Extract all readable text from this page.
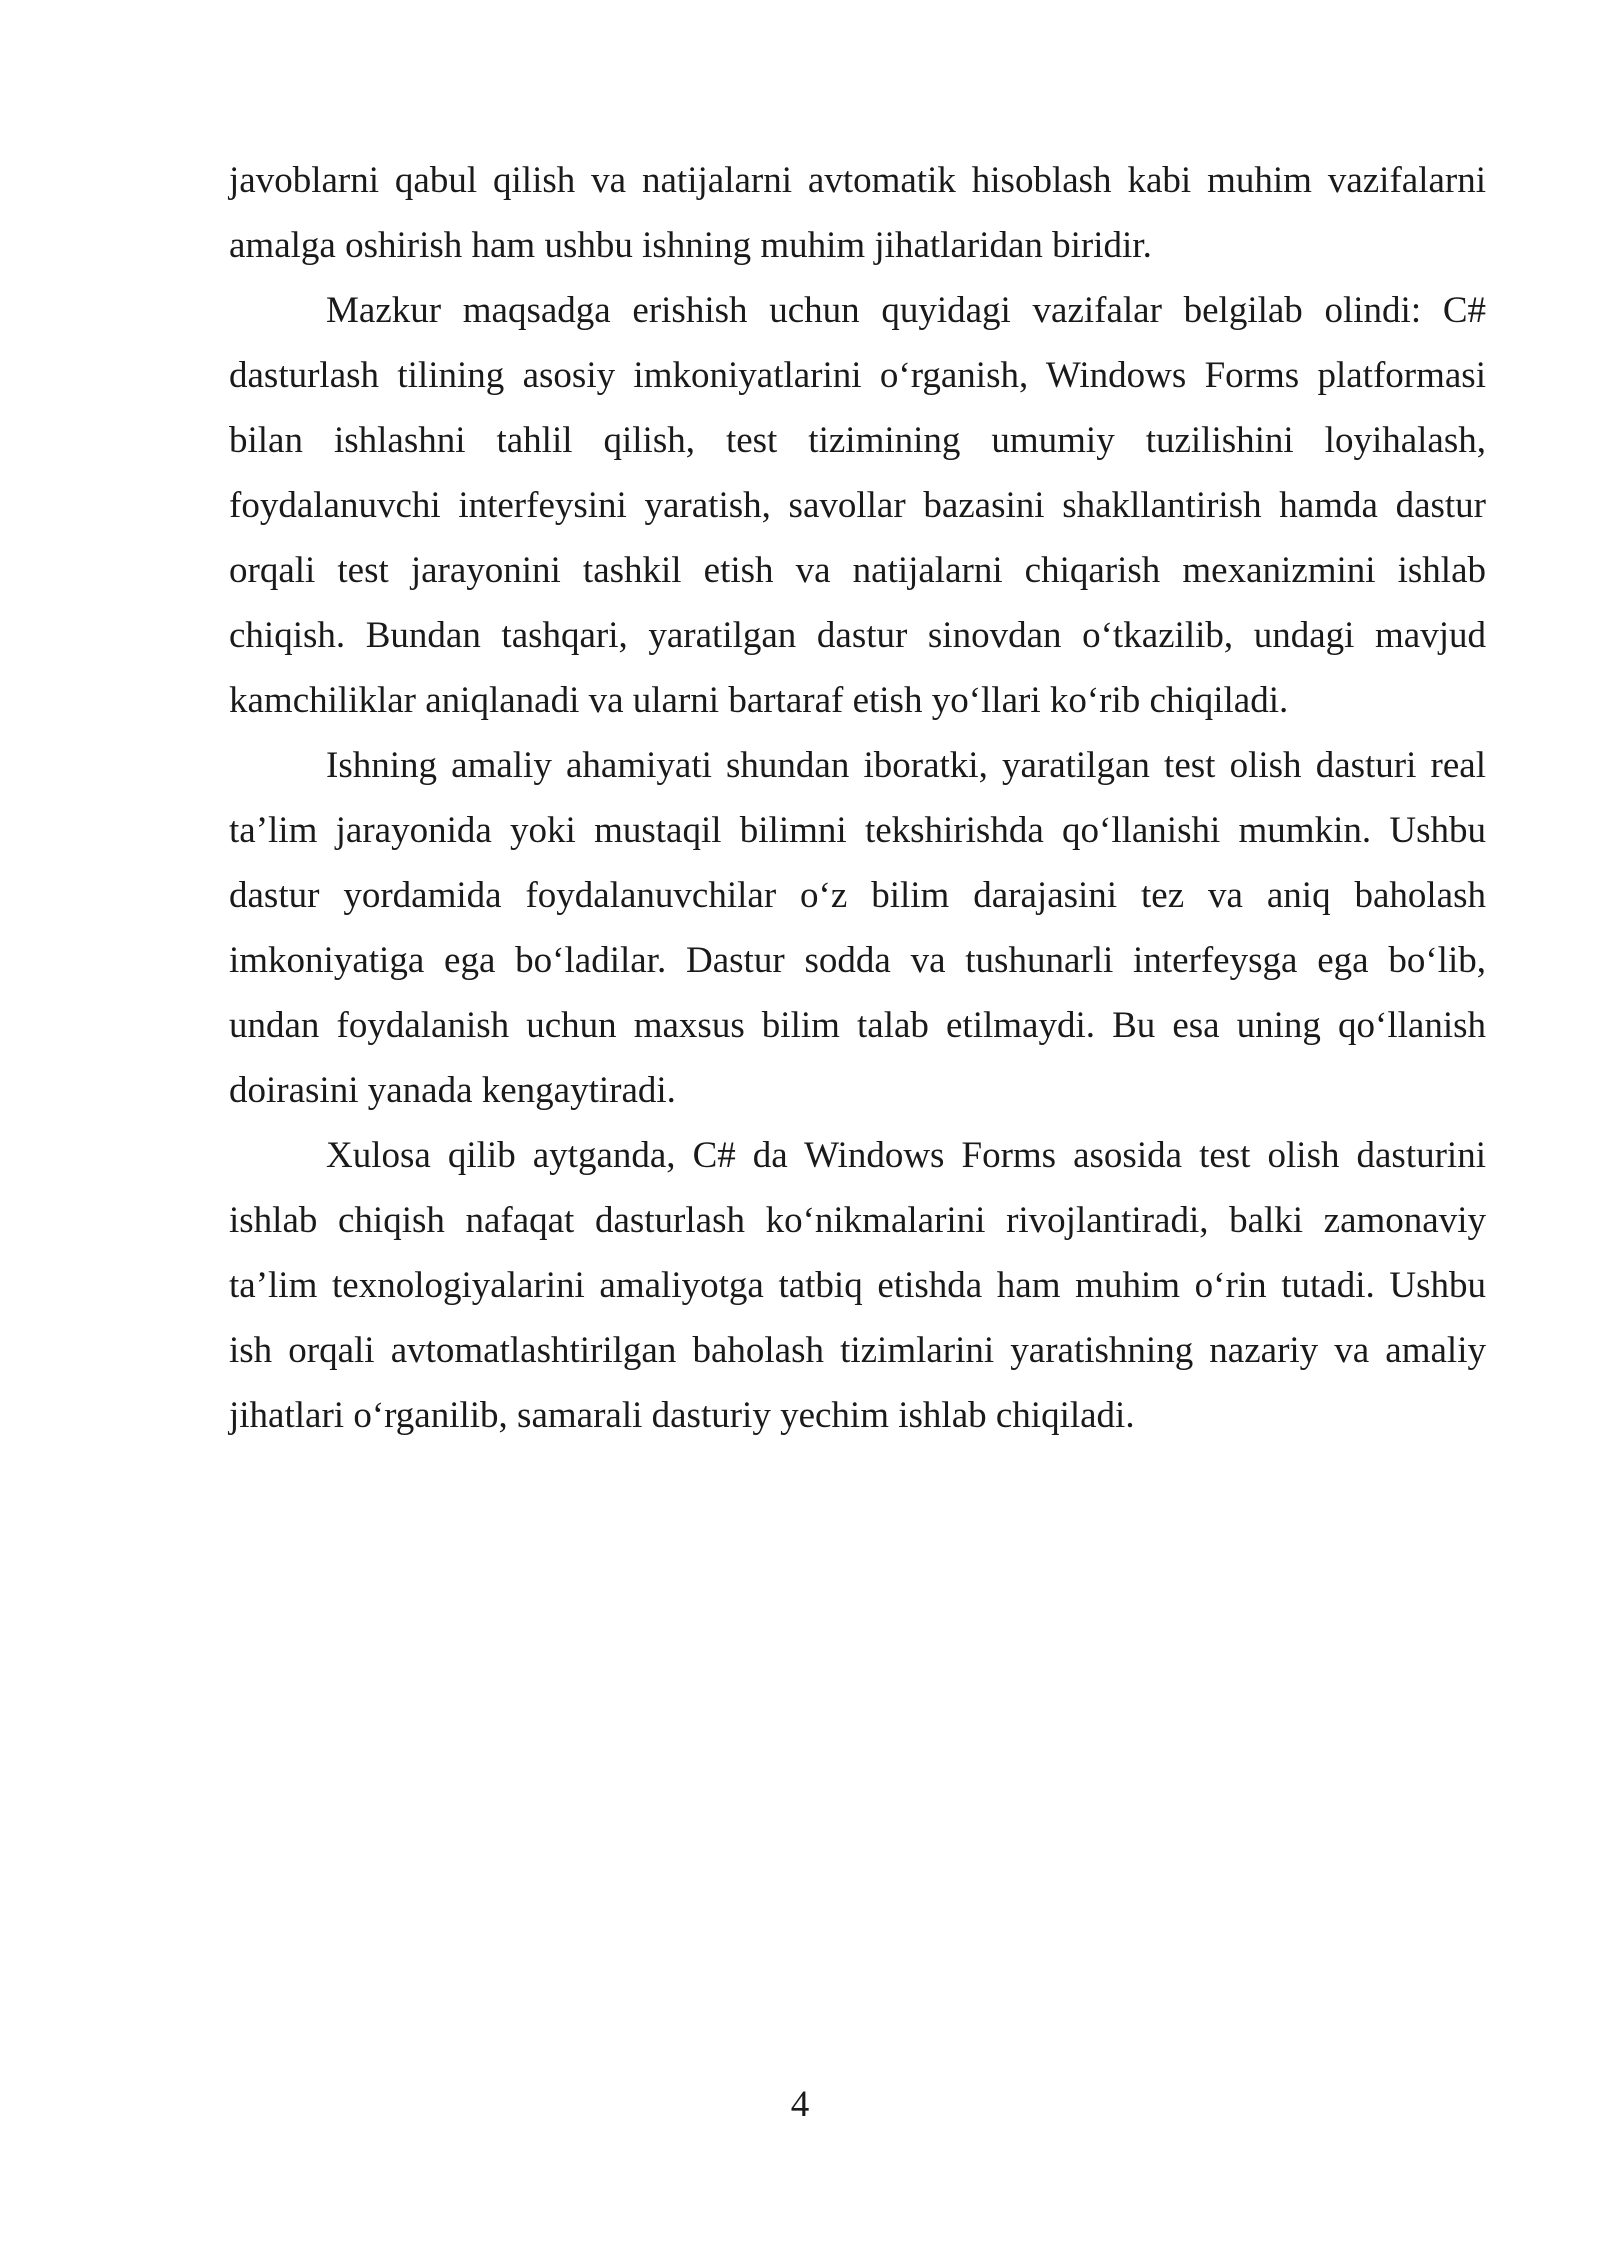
javoblarni qabul qilish va natijalarni avtomatik hisoblash kabi muhim vazifalarni amalga oshirish ham ushbu ishning muhim jihatlaridan biridir.

Mazkur maqsadga erishish uchun quyidagi vazifalar belgilab olindi: C# dasturlash tilining asosiy imkoniyatlarini o‘rganish, Windows Forms platformasi bilan ishlashni tahlil qilish, test tizimining umumiy tuzilishini loyihalash, foydalanuvchi interfeysini yaratish, savollar bazasini shakllantirish hamda dastur orqali test jarayonini tashkil etish va natijalarni chiqarish mexanizmini ishlab chiqish. Bundan tashqari, yaratilgan dastur sinovdan o‘tkazilib, undagi mavjud kamchiliklar aniqlanadi va ularni bartaraf etish yo‘llari ko‘rib chiqiladi.

Ishning amaliy ahamiyati shundan iboratki, yaratilgan test olish dasturi real ta’lim jarayonida yoki mustaqil bilimni tekshirishda qo‘llanishi mumkin. Ushbu dastur yordamida foydalanuvchilar o‘z bilim darajasini tez va aniq baholash imkoniyatiga ega bo‘ladilar. Dastur sodda va tushunarli interfeysga ega bo‘lib, undan foydalanish uchun maxsus bilim talab etilmaydi. Bu esa uning qo‘llanish doirasini yanada kengaytiradi.

Xulosa qilib aytganda, C# da Windows Forms asosida test olish dasturini ishlab chiqish nafaqat dasturlash ko‘nikmalarini rivojlantiradi, balki zamonaviy ta’lim texnologiyalarini amaliyotga tatbiq etishda ham muhim o‘rin tutadi. Ushbu ish orqali avtomatlashtirilgan baholash tizimlarini yaratishning nazariy va amaliy jihatlari o‘rganilib, samarali dasturiy yechim ishlab chiqiladi.

4
